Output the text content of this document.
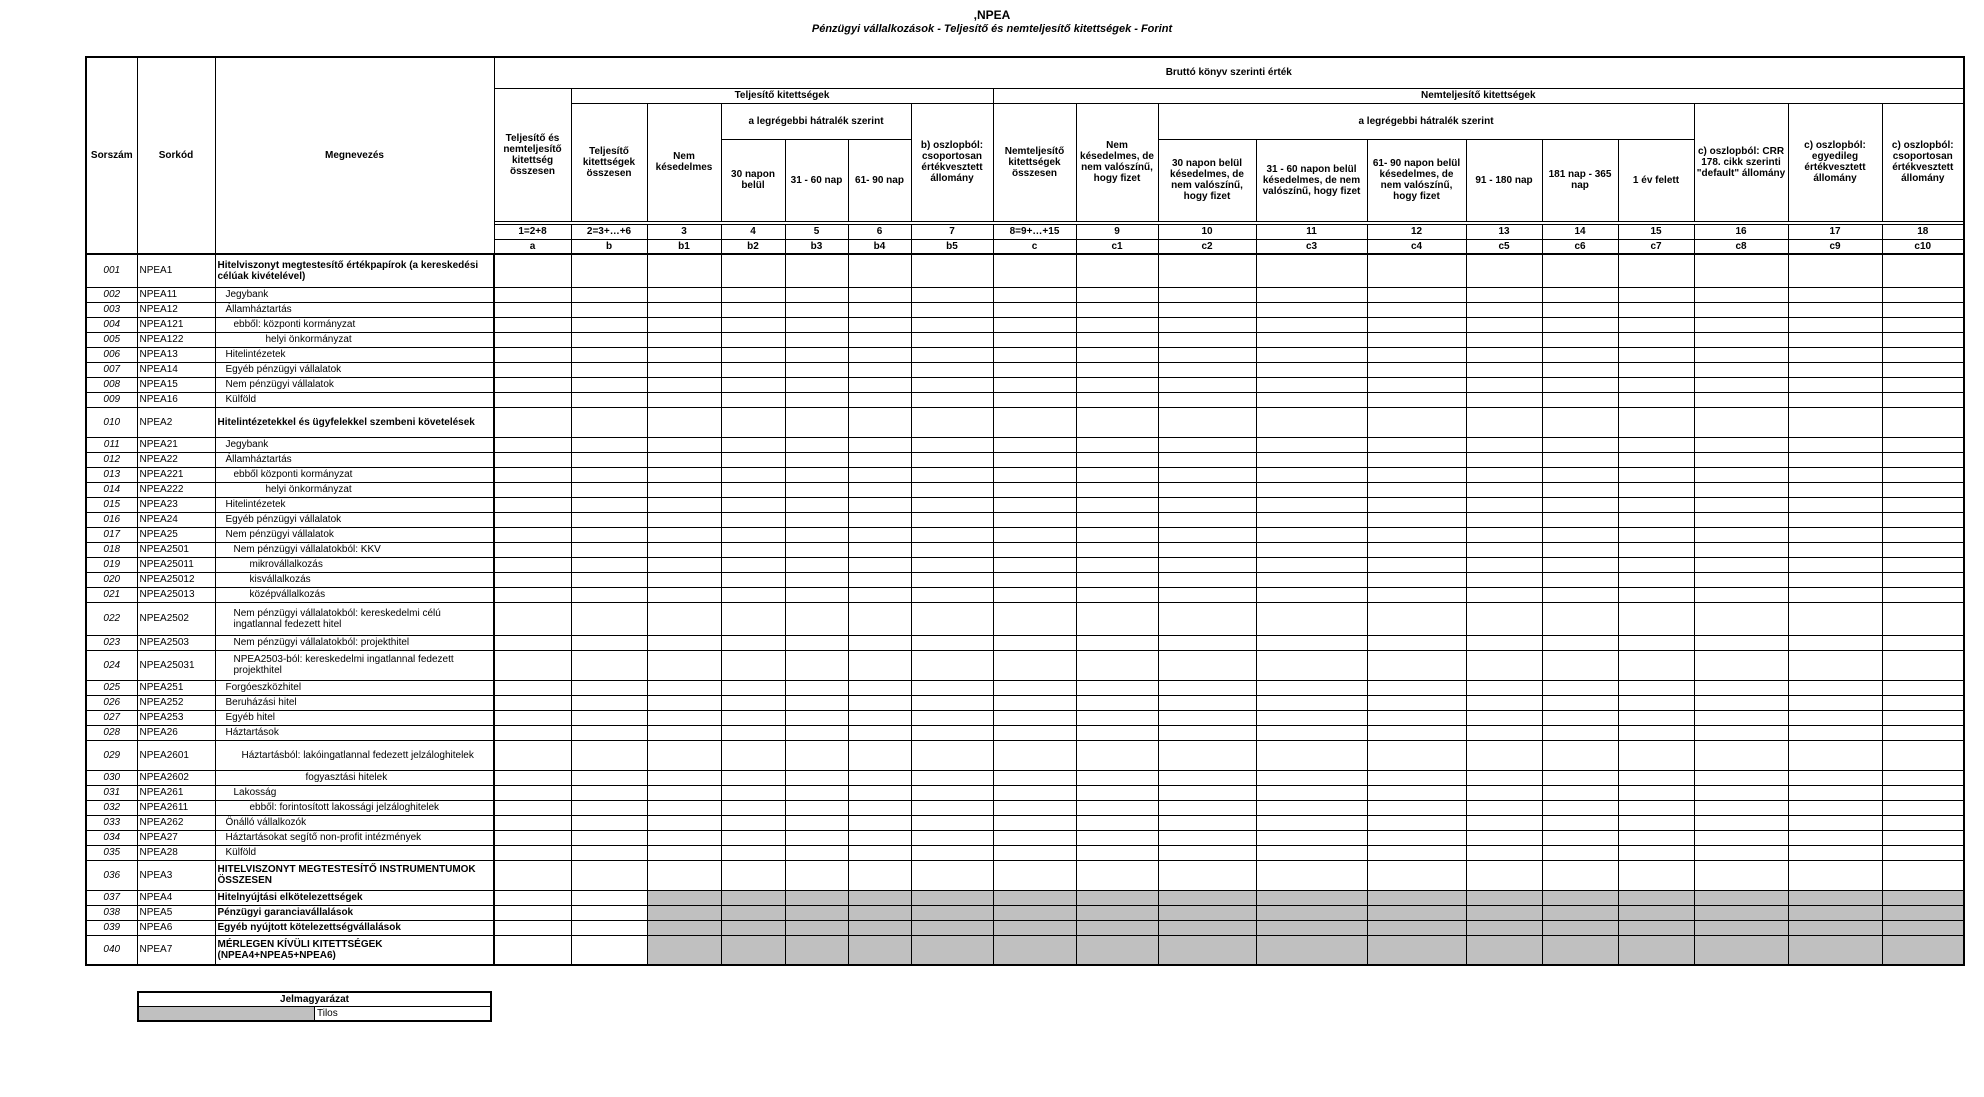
,NPEA
Pénzügyi vállalkozások - Teljesítő és nemteljesítő kitettségek - Forint
Sorszám	Sorkód	Megnevezés	Bruttó könyv szerinti érték																	
			Teljesítő és nemteljesítő kitettség összesen	Teljesítő kitettségek						Nemteljesítő kitettségek										
				Teljesítő kitettségek összesen	Nem késedelmes	a legrégebbi hátralék szerint			b) oszlopból: csoportosan értékvesztett állomány	Nemteljesítő kitettségek összesen	Nem késedelmes, de nem valószínű, hogy fizet	a legrégebbi hátralék szerint						c) oszlopból: CRR 178. cikk szerinti "default" állomány	c) oszlopból: egyedileg értékvesztett állomány	c) oszlopból: csoportosan értékvesztett állomány
						30 napon belül	31 - 60 nap	61- 90 nap				30 napon belül késedelmes, de nem valószínű, hogy fizet	31 - 60 napon belül késedelmes, de nem valószínű, hogy fizet	61- 90 napon belül késedelmes, de nem valószínű, hogy fizet	91 - 180 nap	181 nap - 365 nap	1 év felett			

			1=2+8	2=3+…+6	3	4	5	6	7	8=9+…+15	9	10	11	12	13	14	15	16	17	18
			a	b	b1	b2	b3	b4	b5	c	c1	c2	c3	c4	c5	c6	c7	c8	c9	c10
001	NPEA1	Hitelviszonyt megtestesítő értékpapírok (a kereskedési célúak kivételével)																		
002	NPEA11	Jegybank																		
003	NPEA12	Államháztartás																		
004	NPEA121	ebből: központi kormányzat																		
005	NPEA122	helyi önkormányzat																		
006	NPEA13	Hitelintézetek																		
007	NPEA14	Egyéb pénzügyi vállalatok																		
008	NPEA15	Nem pénzügyi vállalatok																		
009	NPEA16	Külföld																		
010	NPEA2	Hitelintézetekkel és ügyfelekkel szembeni követelések																		
011	NPEA21	Jegybank																		
012	NPEA22	Államháztartás																		
013	NPEA221	ebből központi kormányzat																		
014	NPEA222	helyi önkormányzat																		
015	NPEA23	Hitelintézetek																		
016	NPEA24	Egyéb pénzügyi vállalatok																		
017	NPEA25	Nem pénzügyi vállalatok																		
018	NPEA2501	Nem pénzügyi vállalatokból: KKV																		
019	NPEA25011	mikrovállalkozás																		
020	NPEA25012	kisvállalkozás																		
021	NPEA25013	középvállalkozás																		
022	NPEA2502	Nem pénzügyi vállalatokból: kereskedelmi célú ingatlannal fedezett hitel																		
023	NPEA2503	Nem pénzügyi vállalatokból: projekthitel																		
024	NPEA25031	NPEA2503-ból: kereskedelmi ingatlannal fedezett projekthitel																		
025	NPEA251	Forgóeszközhitel																		
026	NPEA252	Beruházási hitel																		
027	NPEA253	Egyéb hitel																		
028	NPEA26	Háztartások																		
029	NPEA2601	Háztartásból: lakóingatlannal fedezett jelzáloghitelek																		
030	NPEA2602	fogyasztási hitelek																		
031	NPEA261	Lakosság																		
032	NPEA2611	ebből: forintosított lakossági jelzáloghitelek																		
033	NPEA262	Önálló vállalkozók																		
034	NPEA27	Háztartásokat segítő non-profit intézmények																		
035	NPEA28	Külföld																		
036	NPEA3	HITELVISZONYT MEGTESTESÍTŐ INSTRUMENTUMOK ÖSSZESEN																		
037	NPEA4	Hitelnyújtási elkötelezettségek																		
038	NPEA5	Pénzügyi garanciavállalások																		
039	NPEA6	Egyéb nyújtott kötelezettségvállalások																		
040	NPEA7	MÉRLEGEN KÍVÜLI KITETTSÉGEK (NPEA4+NPEA5+NPEA6)																		
Jelmagyarázat
	Tilos
